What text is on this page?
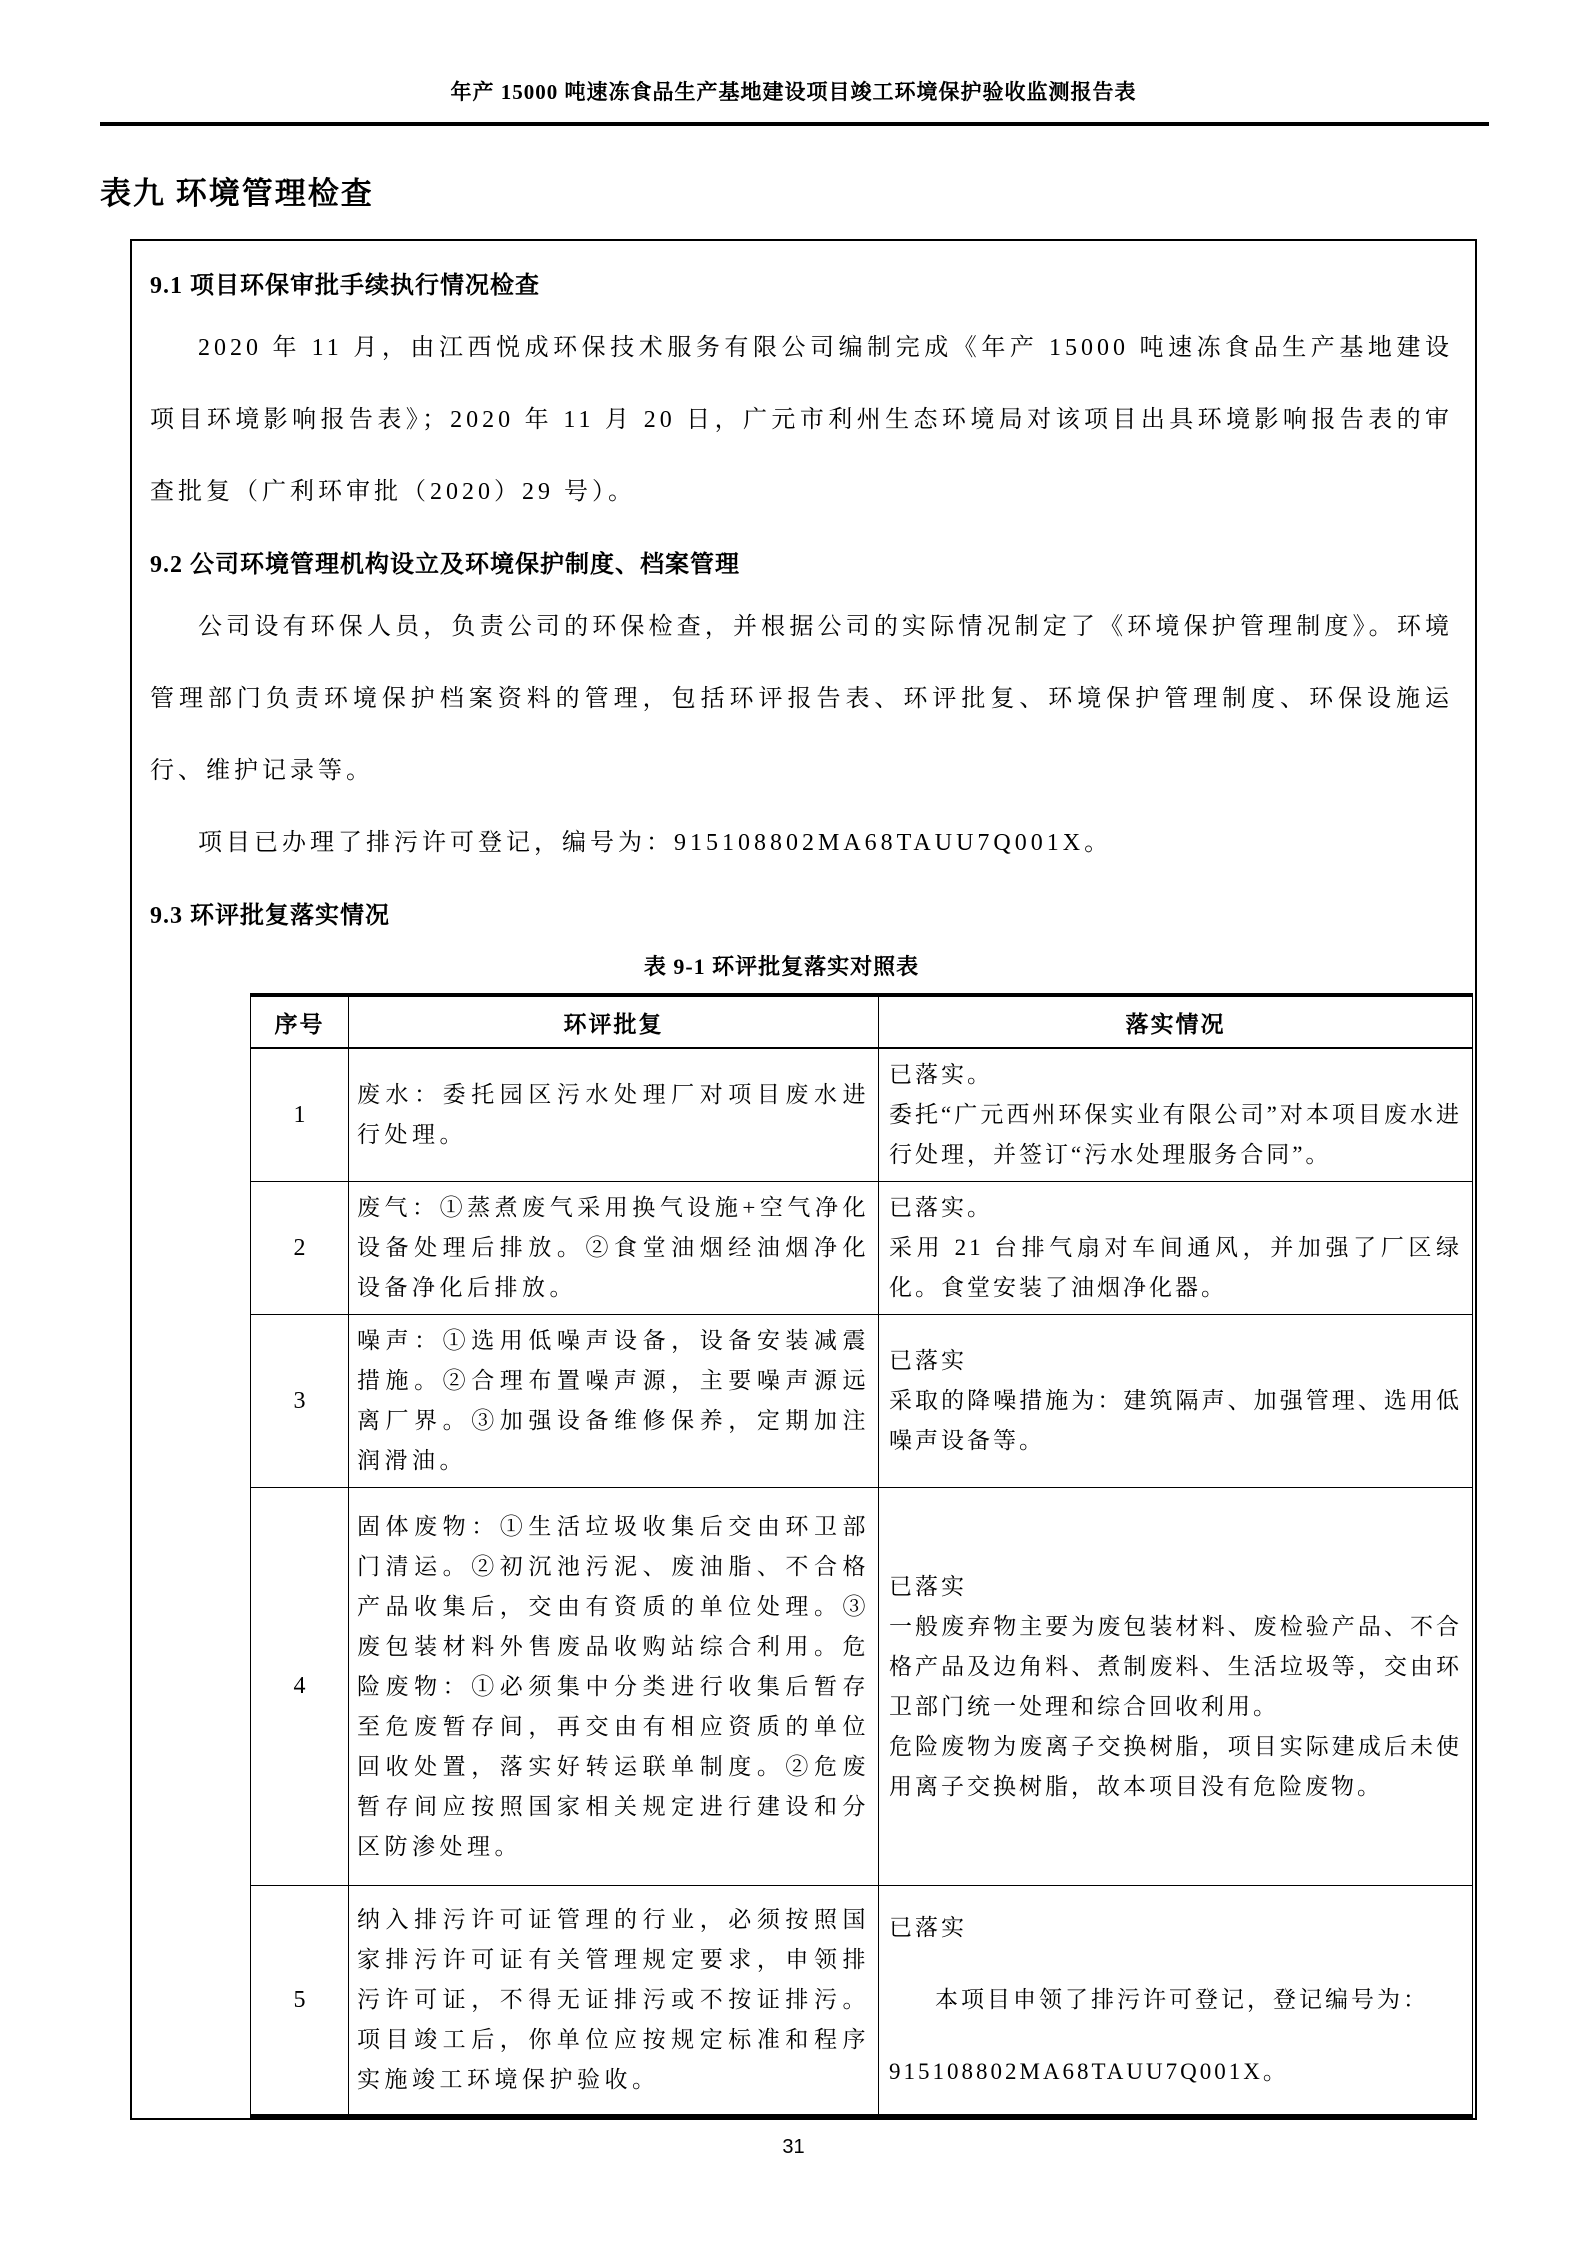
年产 15000 吨速冻食品生产基地建设项目竣工环境保护验收监测报告表
表九 环境管理检查
9.1 项目环保审批手续执行情况检查

2020 年 11 月，由江西悦成环保技术服务有限公司编制完成《年产 15000 吨速冻食品生产基地建设项目环境影响报告表》；2020 年 11 月 20 日，广元市利州生态环境局对该项目出具环境影响报告表的审查批复（广利环审批（2020）29 号）。

9.2 公司环境管理机构设立及环境保护制度、档案管理

公司设有环保人员，负责公司的环保检查，并根据公司的实际情况制定了《环境保护管理制度》。环境管理部门负责环境保护档案资料的管理，包括环评报告表、环评批复、环境保护管理制度、环保设施运行、维护记录等。

项目已办理了排污许可登记，编号为：915108802MA68TAUU7Q001X。

9.3 环评批复落实情况
表 9-1 环评批复落实对照表
序号	环评批复	落实情况
1	废水：委托园区污水处理厂对项目废水进行处理。	已落实。

委托“广元西州环保实业有限公司”对本项目废水进行处理，并签订“污水处理服务合同”。

2	废气：①蒸煮废气采用换气设施+空气净化设备处理后排放。②食堂油烟经油烟净化设备净化后排放。	已落实。

采用 21 台排气扇对车间通风，并加强了厂区绿化。食堂安装了油烟净化器。

3	噪声：①选用低噪声设备，设备安装减震措施。②合理布置噪声源，主要噪声源远离厂界。③加强设备维修保养，定期加注润滑油。	已落实

采取的降噪措施为：建筑隔声、加强管理、选用低噪声设备等。

4	固体废物：①生活垃圾收集后交由环卫部门清运。②初沉池污泥、废油脂、不合格产品收集后，交由有资质的单位处理。③废包装材料外售废品收购站综合利用。危险废物：①必须集中分类进行收集后暂存至危废暂存间，再交由有相应资质的单位回收处置，落实好转运联单制度。②危废暂存间应按照国家相关规定进行建设和分区防渗处理。	已落实

一般废弃物主要为废包装材料、废检验产品、不合格产品及边角料、煮制废料、生活垃圾等，交由环卫部门统一处理和综合回收利用。

危险废物为废离子交换树脂，项目实际建成后未使用离子交换树脂，故本项目没有危险废物。

5	纳入排污许可证管理的行业，必须按照国家排污许可证有关管理规定要求，申领排污许可证，不得无证排污或不按证排污。项目竣工后，你单位应按规定标准和程序实施竣工环境保护验收。	已落实

本项目申领了排污许可登记，登记编号为：

915108802MA68TAUU7Q001X。

31
